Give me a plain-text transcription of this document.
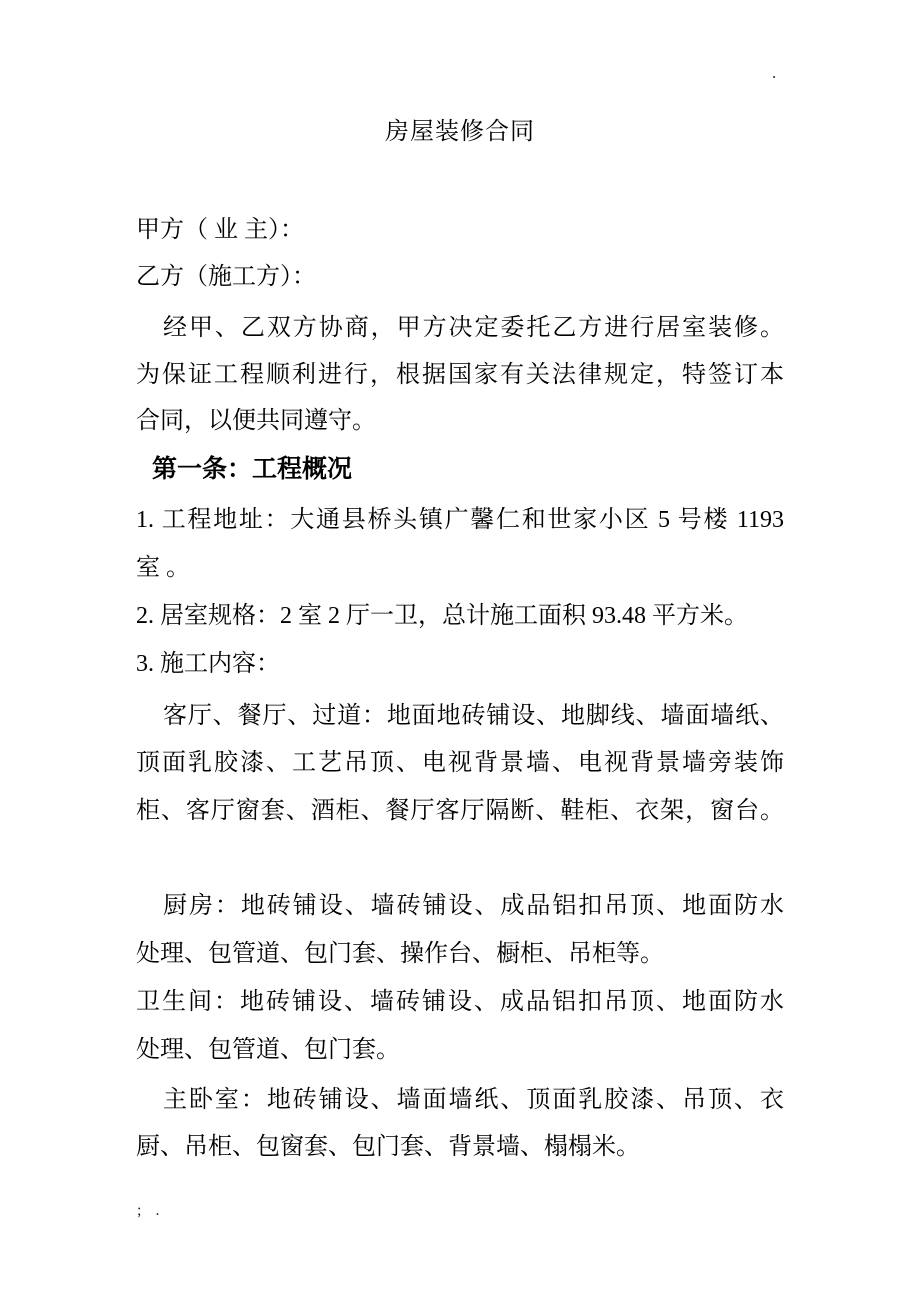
.
房屋装修合同
甲方（ 业 主）：
乙方（施工方）：
经甲、乙双方协商，甲方决定委托乙方进行居室装修。
为保证工程顺利进行，根据国家有关法律规定，特签订本
合同，以便共同遵守。
第一条：工程概况
1. 工程地址：大通县桥头镇广馨仁和世家小区 5 号楼 1193
室 。
2. 居室规格：2 室 2 厅一卫，总计施工面积 93.48 平方米。
3. 施工内容：
客厅、餐厅、过道：地面地砖铺设、地脚线、墙面墙纸、
顶面乳胶漆、工艺吊顶、电视背景墙、电视背景墙旁装饰
柜、客厅窗套、酒柜、餐厅客厅隔断、鞋柜、衣架，窗台。
厨房：地砖铺设、墙砖铺设、成品铝扣吊顶、地面防水
处理、包管道、包门套、操作台、橱柜、吊柜等。
卫生间：地砖铺设、墙砖铺设、成品铝扣吊顶、地面防水
处理、包管道、包门套。
主卧室：地砖铺设、墙面墙纸、顶面乳胶漆、吊顶、衣
厨、吊柜、包窗套、包门套、背景墙、榻榻米。
; .
